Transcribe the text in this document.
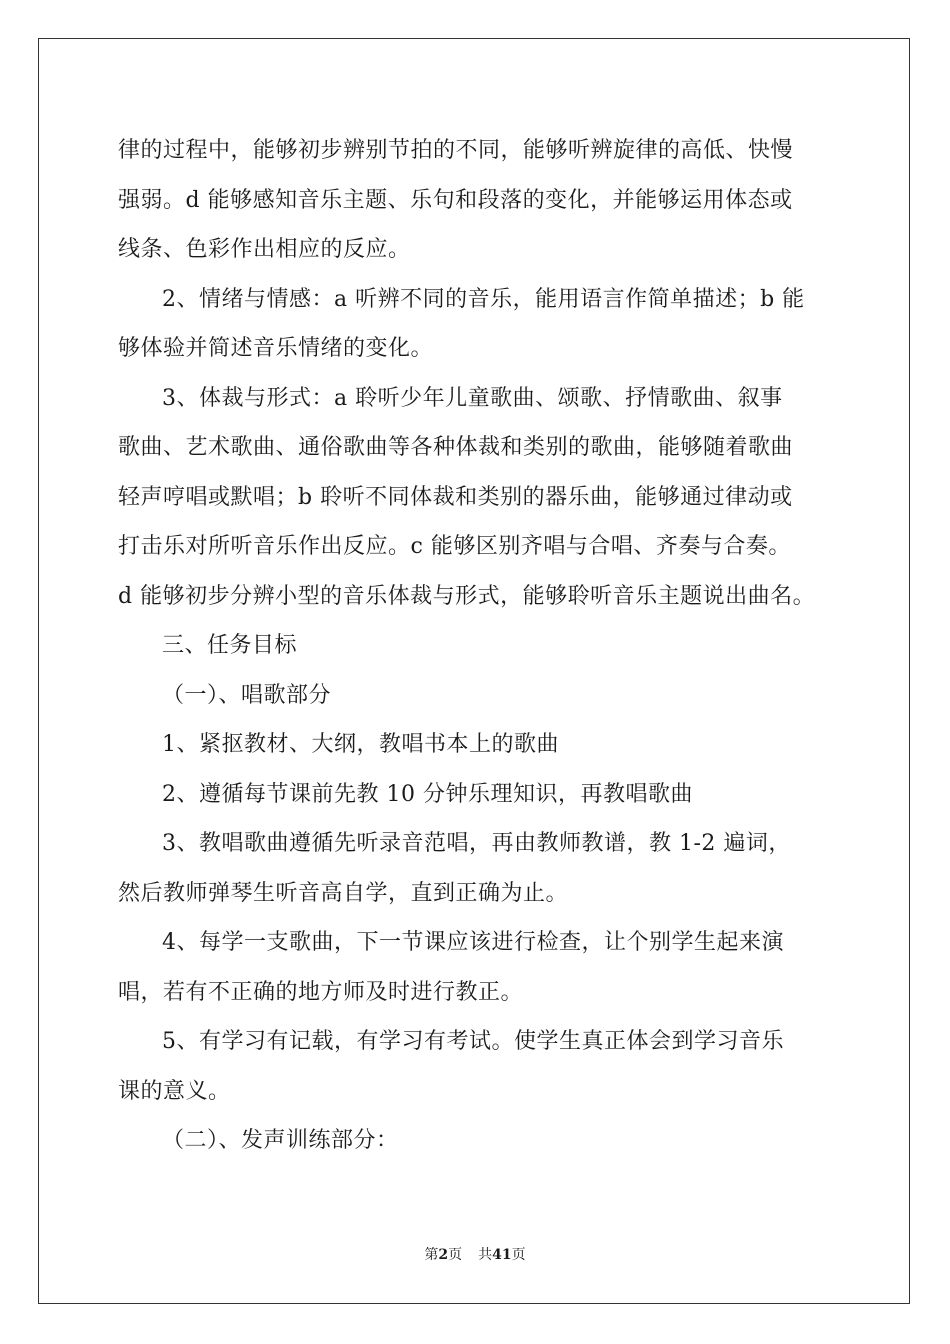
律的过程中，能够初步辨别节拍的不同，能够听辨旋律的高低、快慢
强弱。d 能够感知音乐主题、乐句和段落的变化，并能够运用体态或
线条、色彩作出相应的反应。
2、情绪与情感：a 听辨不同的音乐，能用语言作简单描述；b 能
够体验并简述音乐情绪的变化。
3、体裁与形式：a 聆听少年儿童歌曲、颂歌、抒情歌曲、叙事
歌曲、艺术歌曲、通俗歌曲等各种体裁和类别的歌曲，能够随着歌曲
轻声哼唱或默唱；b 聆听不同体裁和类别的器乐曲，能够通过律动或
打击乐对所听音乐作出反应。c 能够区别齐唱与合唱、齐奏与合奏。
d 能够初步分辨小型的音乐体裁与形式，能够聆听音乐主题说出曲名。
三、任务目标
（一）、唱歌部分
1、紧抠教材、大纲，教唱书本上的歌曲
2、遵循每节课前先教 10 分钟乐理知识，再教唱歌曲
3、教唱歌曲遵循先听录音范唱，再由教师教谱，教 1-2 遍词，
然后教师弹琴生听音高自学，直到正确为止。
4、每学一支歌曲，下一节课应该进行检查，让个别学生起来演
唱，若有不正确的地方师及时进行教正。
5、有学习有记载，有学习有考试。使学生真正体会到学习音乐
课的意义。
（二）、发声训练部分：
第2页 共41页
